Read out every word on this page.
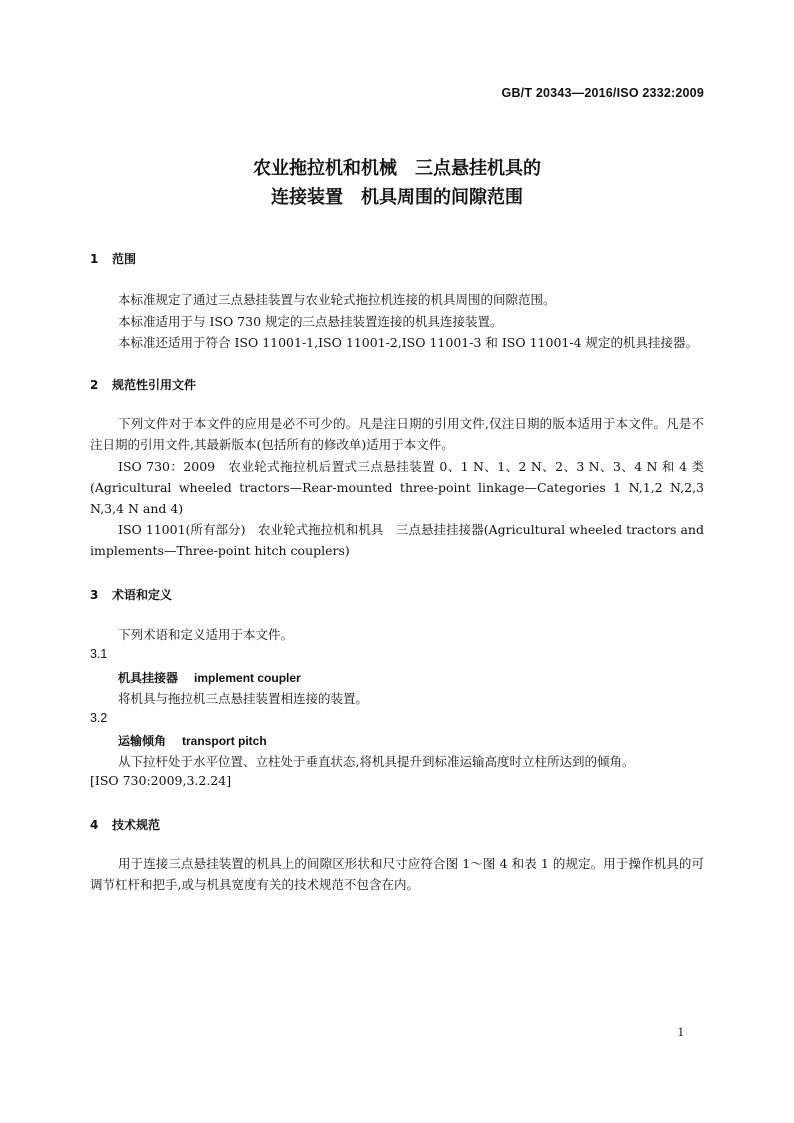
GB/T 20343—2016/ISO 2332:2009
农业拖拉机和机械　三点悬挂机具的
连接装置　机具周围的间隙范围
1 范围
本标准规定了通过三点悬挂装置与农业轮式拖拉机连接的机具周围的间隙范围。
本标准适用于与 ISO 730 规定的三点悬挂装置连接的机具连接装置。
本标准还适用于符合 ISO 11001-1,ISO 11001-2,ISO 11001-3 和 ISO 11001-4 规定的机具挂接器。
2 规范性引用文件
下列文件对于本文件的应用是必不可少的。凡是注日期的引用文件,仅注日期的版本适用于本文件。凡是不注日期的引用文件,其最新版本(包括所有的修改单)适用于本文件。
ISO 730：2009　农业轮式拖拉机后置式三点悬挂装置 0、1 N、1、2 N、2、3 N、3、4 N 和 4 类(Agricultural wheeled tractors—Rear-mounted three-point linkage—Categories 1 N,1,2 N,2,3 N,3,4 N and 4)
ISO 11001(所有部分)　农业轮式拖拉机和机具　三点悬挂挂接器(Agricultural wheeled tractors and implements—Three-point hitch couplers)
3 术语和定义
下列术语和定义适用于本文件。
3.1
机具挂接器 implement coupler
将机具与拖拉机三点悬挂装置相连接的装置。
3.2
运输倾角 transport pitch
从下拉杆处于水平位置、立柱处于垂直状态,将机具提升到标准运输高度时立柱所达到的倾角。
[ISO 730:2009,3.2.24]
4 技术规范
用于连接三点悬挂装置的机具上的间隙区形状和尺寸应符合图 1～图 4 和表 1 的规定。用于操作机具的可调节杠杆和把手,或与机具宽度有关的技术规范不包含在内。
1
